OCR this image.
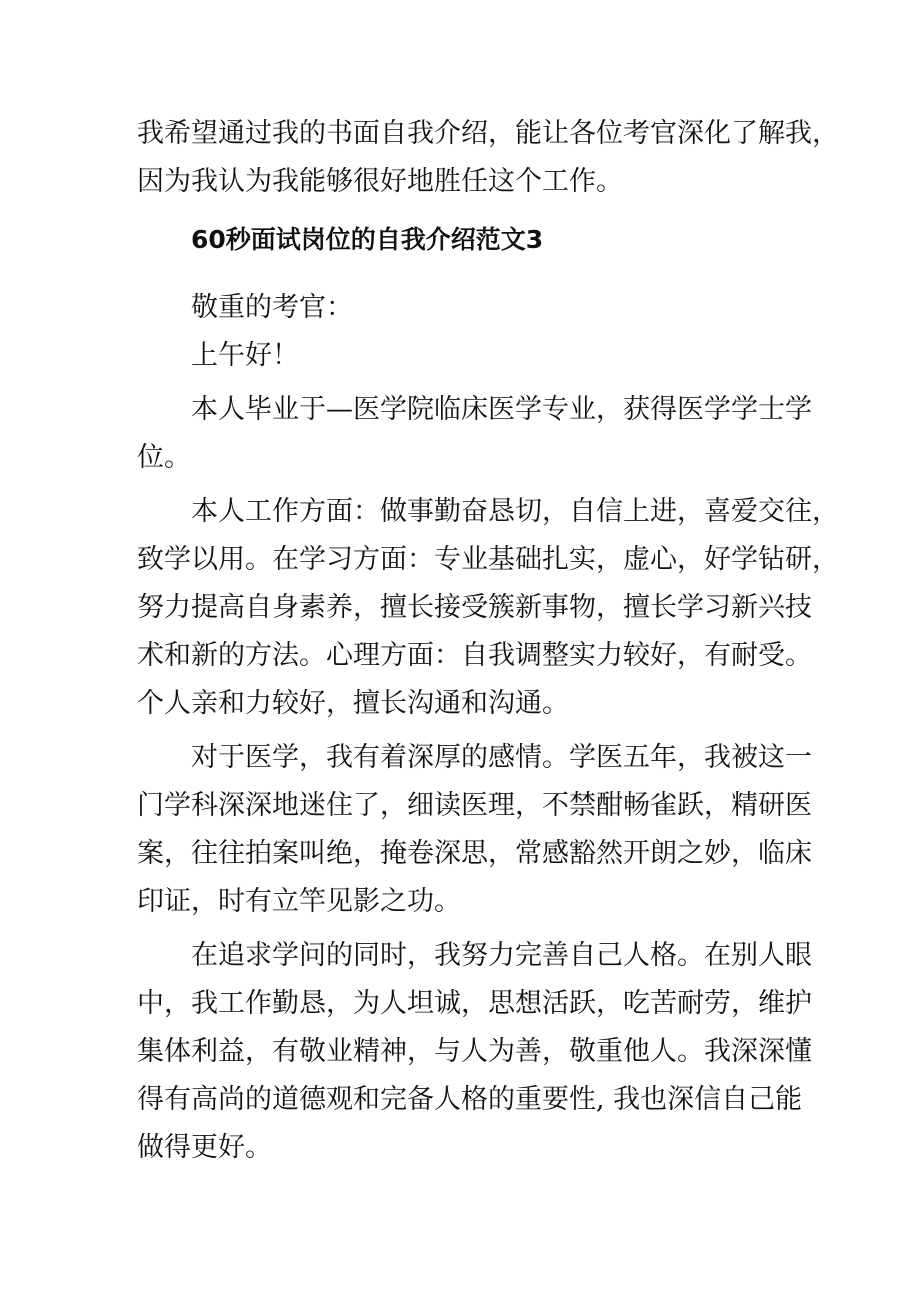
我希望通过我的书面自我介绍，能让各位考官深化了解我，

因为我认为我能够很好地胜任这个工作。

60秒面试岗位的自我介绍范文3

敬重的考官：

上午好！

本人毕业于—医学院临床医学专业，获得医学学士学

位。

本人工作方面：做事勤奋恳切，自信上进，喜爱交往，

致学以用。在学习方面：专业基础扎实，虚心，好学钻研，

努力提高自身素养，擅长接受簇新事物，擅长学习新兴技

术和新的方法。心理方面：自我调整实力较好，有耐受。

个人亲和力较好，擅长沟通和沟通。

对于医学，我有着深厚的感情。学医五年，我被这一

门学科深深地迷住了，细读医理，不禁酣畅雀跃，精研医

案，往往拍案叫绝，掩卷深思，常感豁然开朗之妙，临床

印证，时有立竿见影之功。

在追求学问的同时，我努力完善自己人格。在别人眼

中，我工作勤恳，为人坦诚，思想活跃，吃苦耐劳，维护

集体利益，有敬业精神，与人为善，敬重他人。我深深懂

得有高尚的道德观和完备人格的重要性, 我也深信自己能

做得更好。
